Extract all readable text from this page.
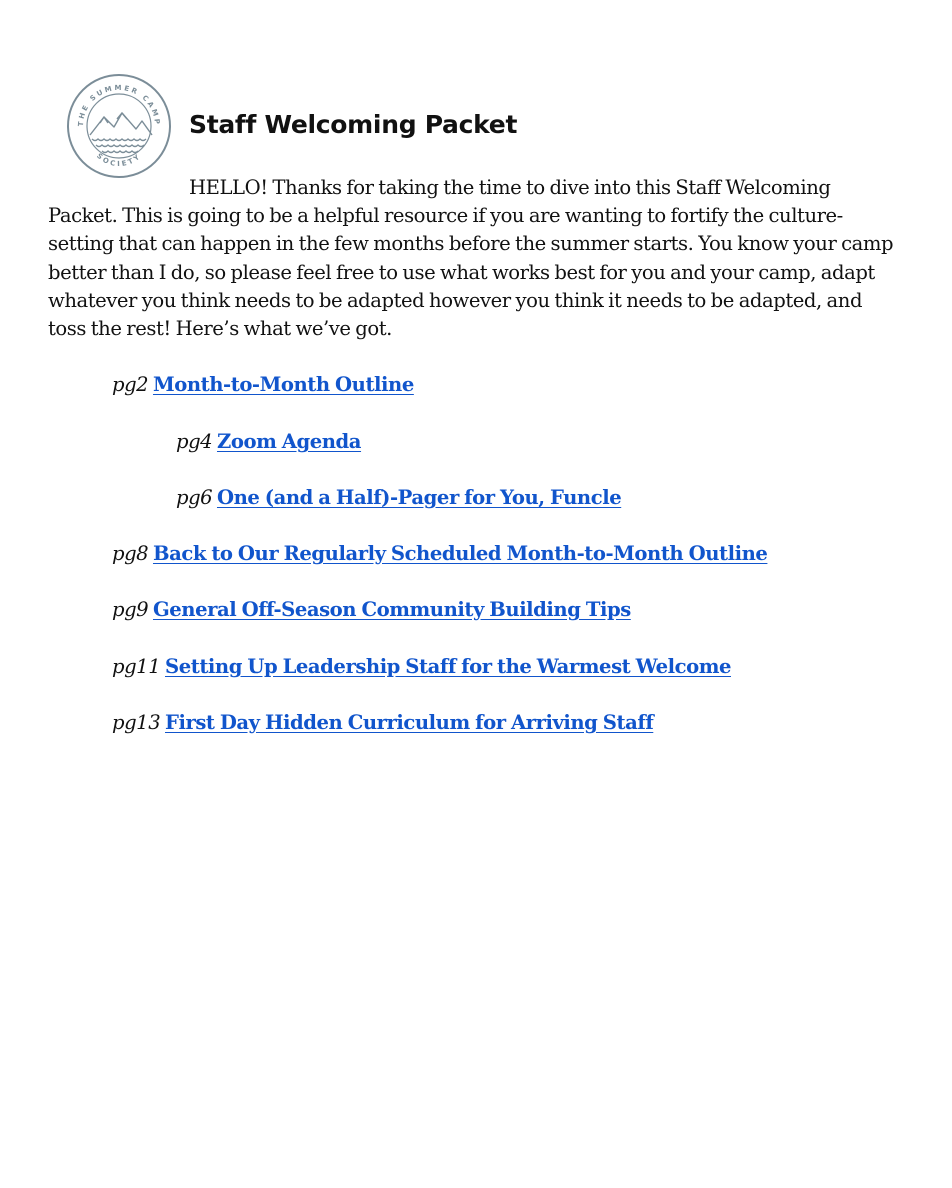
THE SUMMER CAMP
SOCIETY
Staff Welcoming Packet

HELLO! Thanks for taking the time to dive into this Staff Welcoming Packet. This is going to be a helpful resource if you are wanting to fortify the culture-setting that can happen in the few months before the summer starts. You know your camp better than I do, so please feel free to use what works best for you and your camp, adapt whatever you think needs to be adapted however you think it needs to be adapted, and toss the rest! Here’s what we’ve got.

pg2 Month-to-Month Outline
pg4 Zoom Agenda
pg6 One (and a Half)-Pager for You, Funcle
pg8 Back to Our Regularly Scheduled Month-to-Month Outline
pg9 General Off-Season Community Building Tips
pg11 Setting Up Leadership Staff for the Warmest Welcome
pg13 First Day Hidden Curriculum for Arriving Staff
